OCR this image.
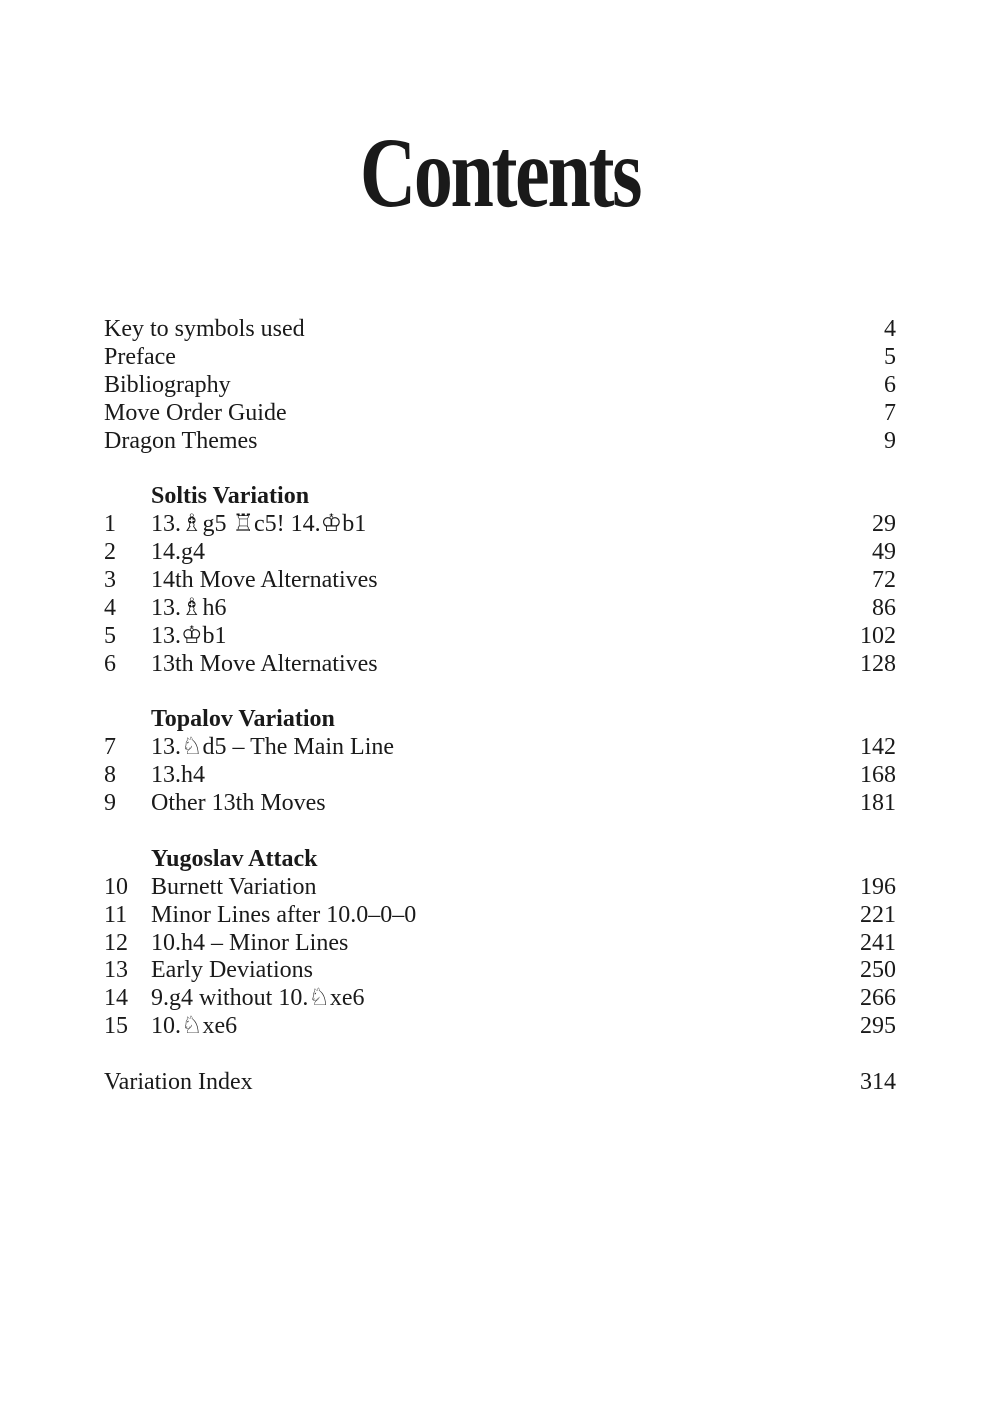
Contents
Key to symbols used	4
Preface	5
Bibliography	6
Move Order Guide	7
Dragon Themes	9
Soltis Variation
1 13.♗g5 ♖c5! 14.♔b1	29
2 14.g4	49
3 14th Move Alternatives	72
4 13.♗h6	86
5 13.♔b1	102
6 13th Move Alternatives	128
Topalov Variation
7 13.♘d5 – The Main Line	142
8 13.h4	168
9 Other 13th Moves	181
Yugoslav Attack
10 Burnett Variation	196
11 Minor Lines after 10.0–0–0	221
12 10.h4 – Minor Lines	241
13 Early Deviations	250
14 9.g4 without 10.♘xe6	266
15 10.♘xe6	295
Variation Index	314
